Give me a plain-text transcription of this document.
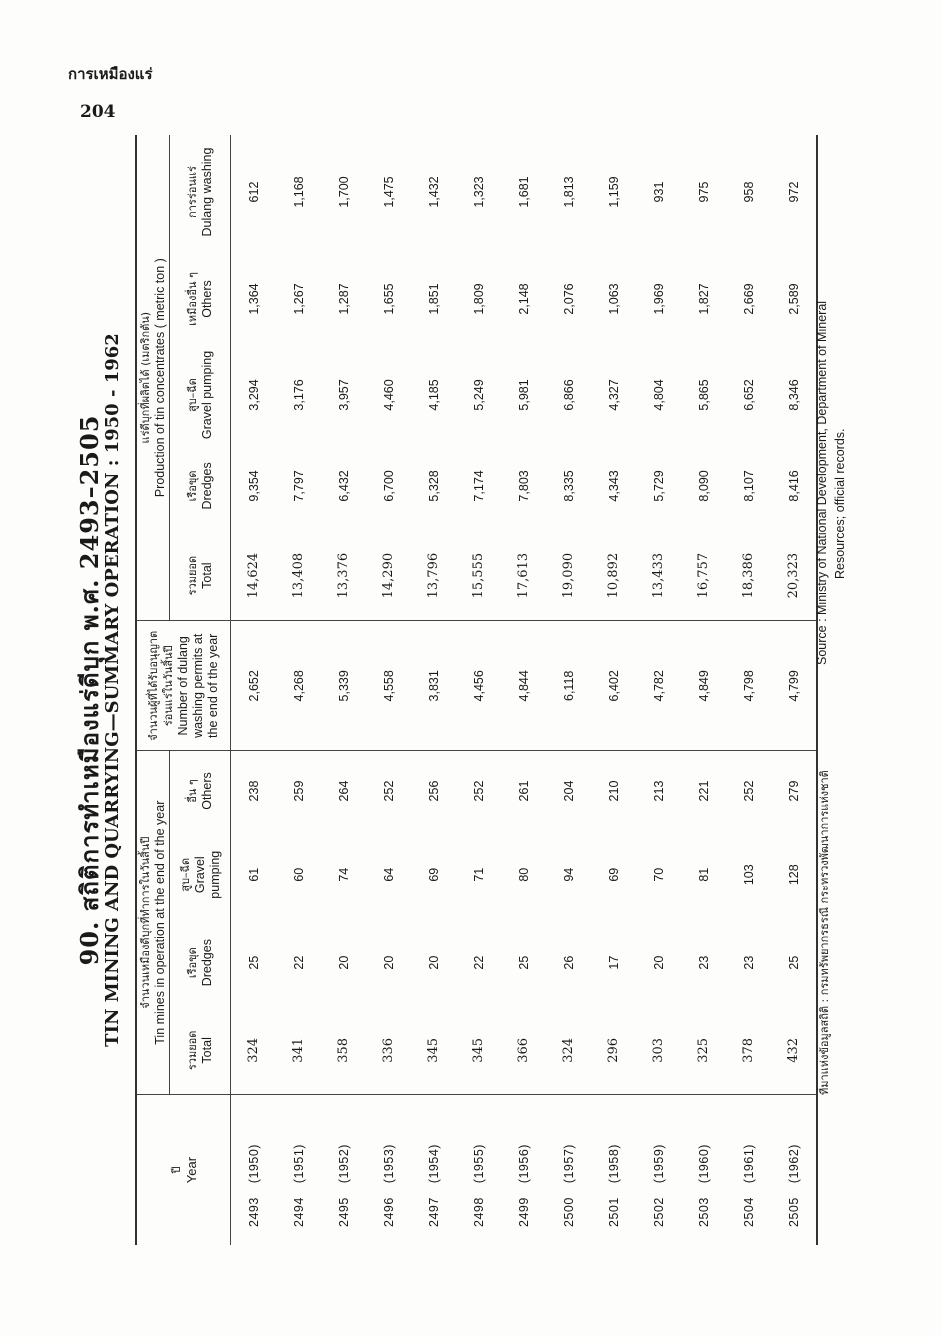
การเหมืองแร่
204
90. สถิติการทำเหมืองแร่ดีบุก พ.ศ. 2493–2505
TIN MINING AND QUARRYING—SUMMARY OPERATION : 1950 - 1962

ปี Year	จำนวนเหมืองดีบุกที่ทำการในวันสิ้นปี Tin mines in operation at the end of the year				จำนวนผู้ที่ได้รับอนุญาตร่อนแร่ในวันสิ้นปี Number of dulang washing permits at the end of the year	แร่ดีบุกที่ผลิตได้ (เมตริกตัน) Production of tin concentrates ( metric ton )				

	รวมยอด Total	เรือขุด Dredges	สูบ–ฉีด Gravel pumping	อื่น ๆ Others		รวมยอด Total	เรือขุด Dredges	สูบ–ฉีด Gravel pumping	เหมืองอื่น ๆ Others	การร่อนแร่ Dulang washing
2493(1950)	324	25	61	238	2,652	14,624	9,354	3,294	1,364	612
2494(1951)	341	22	60	259	4,268	13,408	7,797	3,176	1,267	1,168
2495(1952)	358	20	74	264	5,339	13,376	6,432	3,957	1,287	1,700
2496(1953)	336	20	64	252	4,558	14,290	6,700	4,460	1,655	1,475
2497(1954)	345	20	69	256	3,831	13,796	5,328	4,185	1,851	1,432
2498(1955)	345	22	71	252	4,456	15,555	7,174	5,249	1,809	1,323
2499(1956)	366	25	80	261	4,844	17,613	7,803	5,981	2,148	1,681
2500(1957)	324	26	94	204	6,118	19,090	8,335	6,866	2,076	1,813
2501(1958)	296	17	69	210	6,402	10,892	4,343	4,327	1,063	1,159
2502(1959)	303	20	70	213	4,782	13,433	5,729	4,804	1,969	931
2503(1960)	325	23	81	221	4,849	16,757	8,090	5,865	1,827	975
2504(1961)	378	23	103	252	4,798	18,386	8,107	6,652	2,669	958
2505(1962)	432	25	128	279	4,799	20,323	8,416	8,346	2,589	972
ที่มาแห่งข้อมูลสถิติ : กรมทรัพยากรธรณี กระทรวงพัฒนาการแห่งชาติ
Source : Ministry of National Development, Department of Mineral Resources; official records.
